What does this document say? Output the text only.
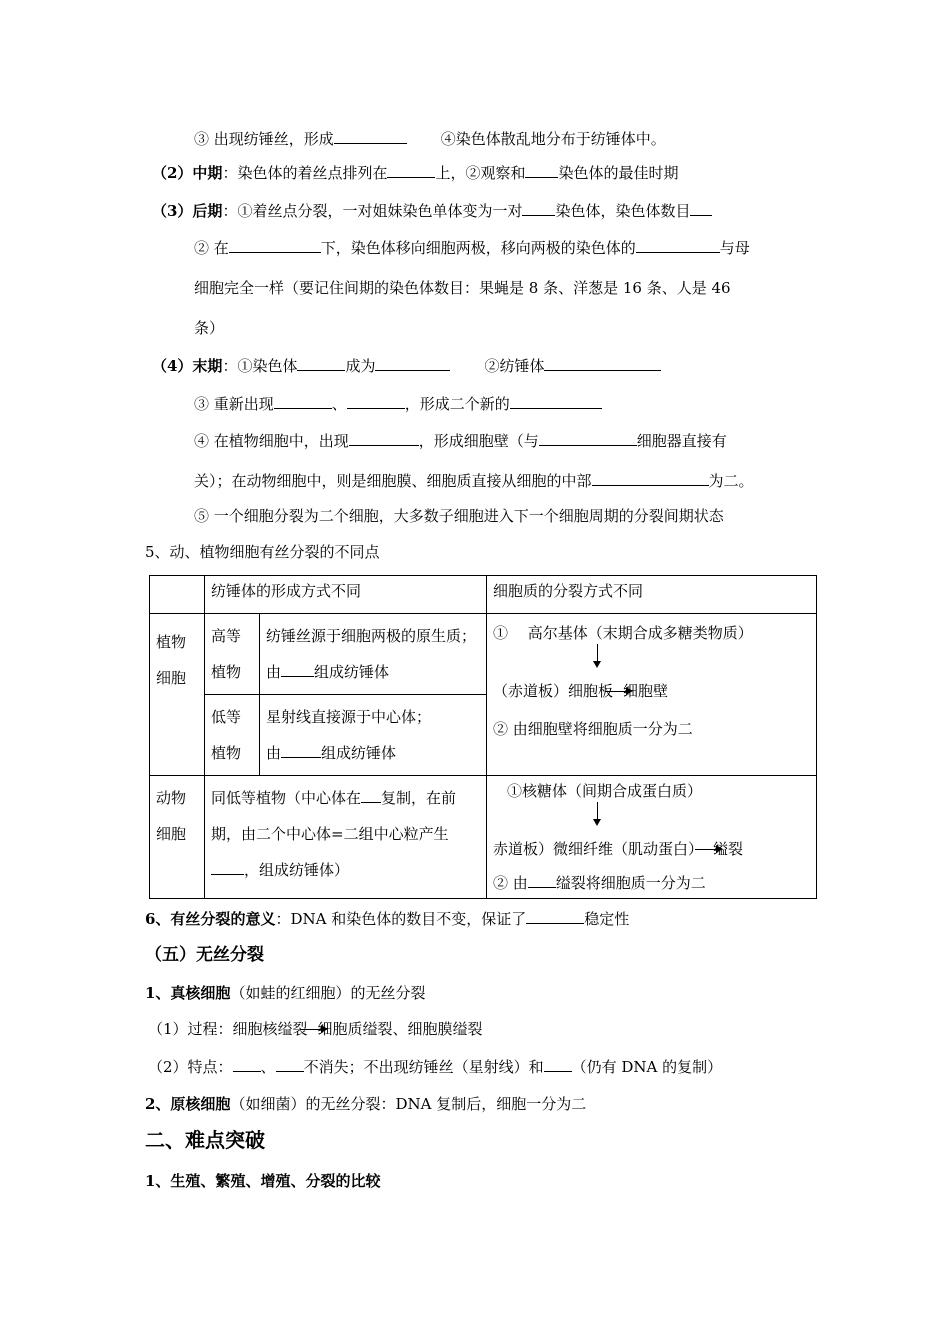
③ 出现纺锤丝，形成	④染色体散乱地分布于纺锤体中。
（2）中期：染色体的着丝点排列在	上，②观察和 染色体的最佳时期
（3）后期：①着丝点分裂，一对姐妹染色单体变为一对 染色体，染色体数目
② 在	下，染色体移向细胞两极，移向两极的染色体的	与母
细胞完全一样（要记住间期的染色体数目：果蝇是 8 条、洋葱是 16 条、人是 46
条）
（4）末期：①染色体	成为	②纺锤体
③ 重新出现	、	，形成二个新的
④ 在植物细胞中，出现	，形成细胞壁（与	细胞器直接有
关）；在动物细胞中，则是细胞膜、细胞质直接从细胞的中部	为二。
⑤ 一个细胞分裂为二个细胞，大多数子细胞进入下一个细胞周期的分裂间期状态
5、动、植物细胞有丝分裂的不同点
	纺锤体的形成方式不同		细胞质的分裂方式不同
植物细胞	高等植物	纺锤丝源于细胞两极的原生质；由 组成纺锤体	①　 高尔基体（末期合成多糖类物质）
（赤道板）细胞板 细胞壁
② 由细胞壁将细胞质一分为二

	低等植物	星射线直接源于中心体；
由 组成纺锤体	
动物细胞	同低等植物（中心体在 复制，在前期，由二个中心体=二组中心粒产生，组成纺锤体）		①核糖体（间期合成蛋白质）
赤道板）微细纤维（肌动蛋白） 缢裂
② 由 缢裂将细胞质一分为二
6、有丝分裂的意义：DNA 和染色体的数目不变，保证了	稳定性
（五）无丝分裂
1、真核细胞（如蛙的红细胞）的无丝分裂
（1）过程：细胞核缢裂 细胞质缢裂、细胞膜缢裂
（2）特点： 、 不消失；不出现纺锤丝（星射线）和 （仍有 DNA 的复制）
2、原核细胞（如细菌）的无丝分裂：DNA 复制后，细胞一分为二
二、难点突破
1、生殖、繁殖、增殖、分裂的比较
